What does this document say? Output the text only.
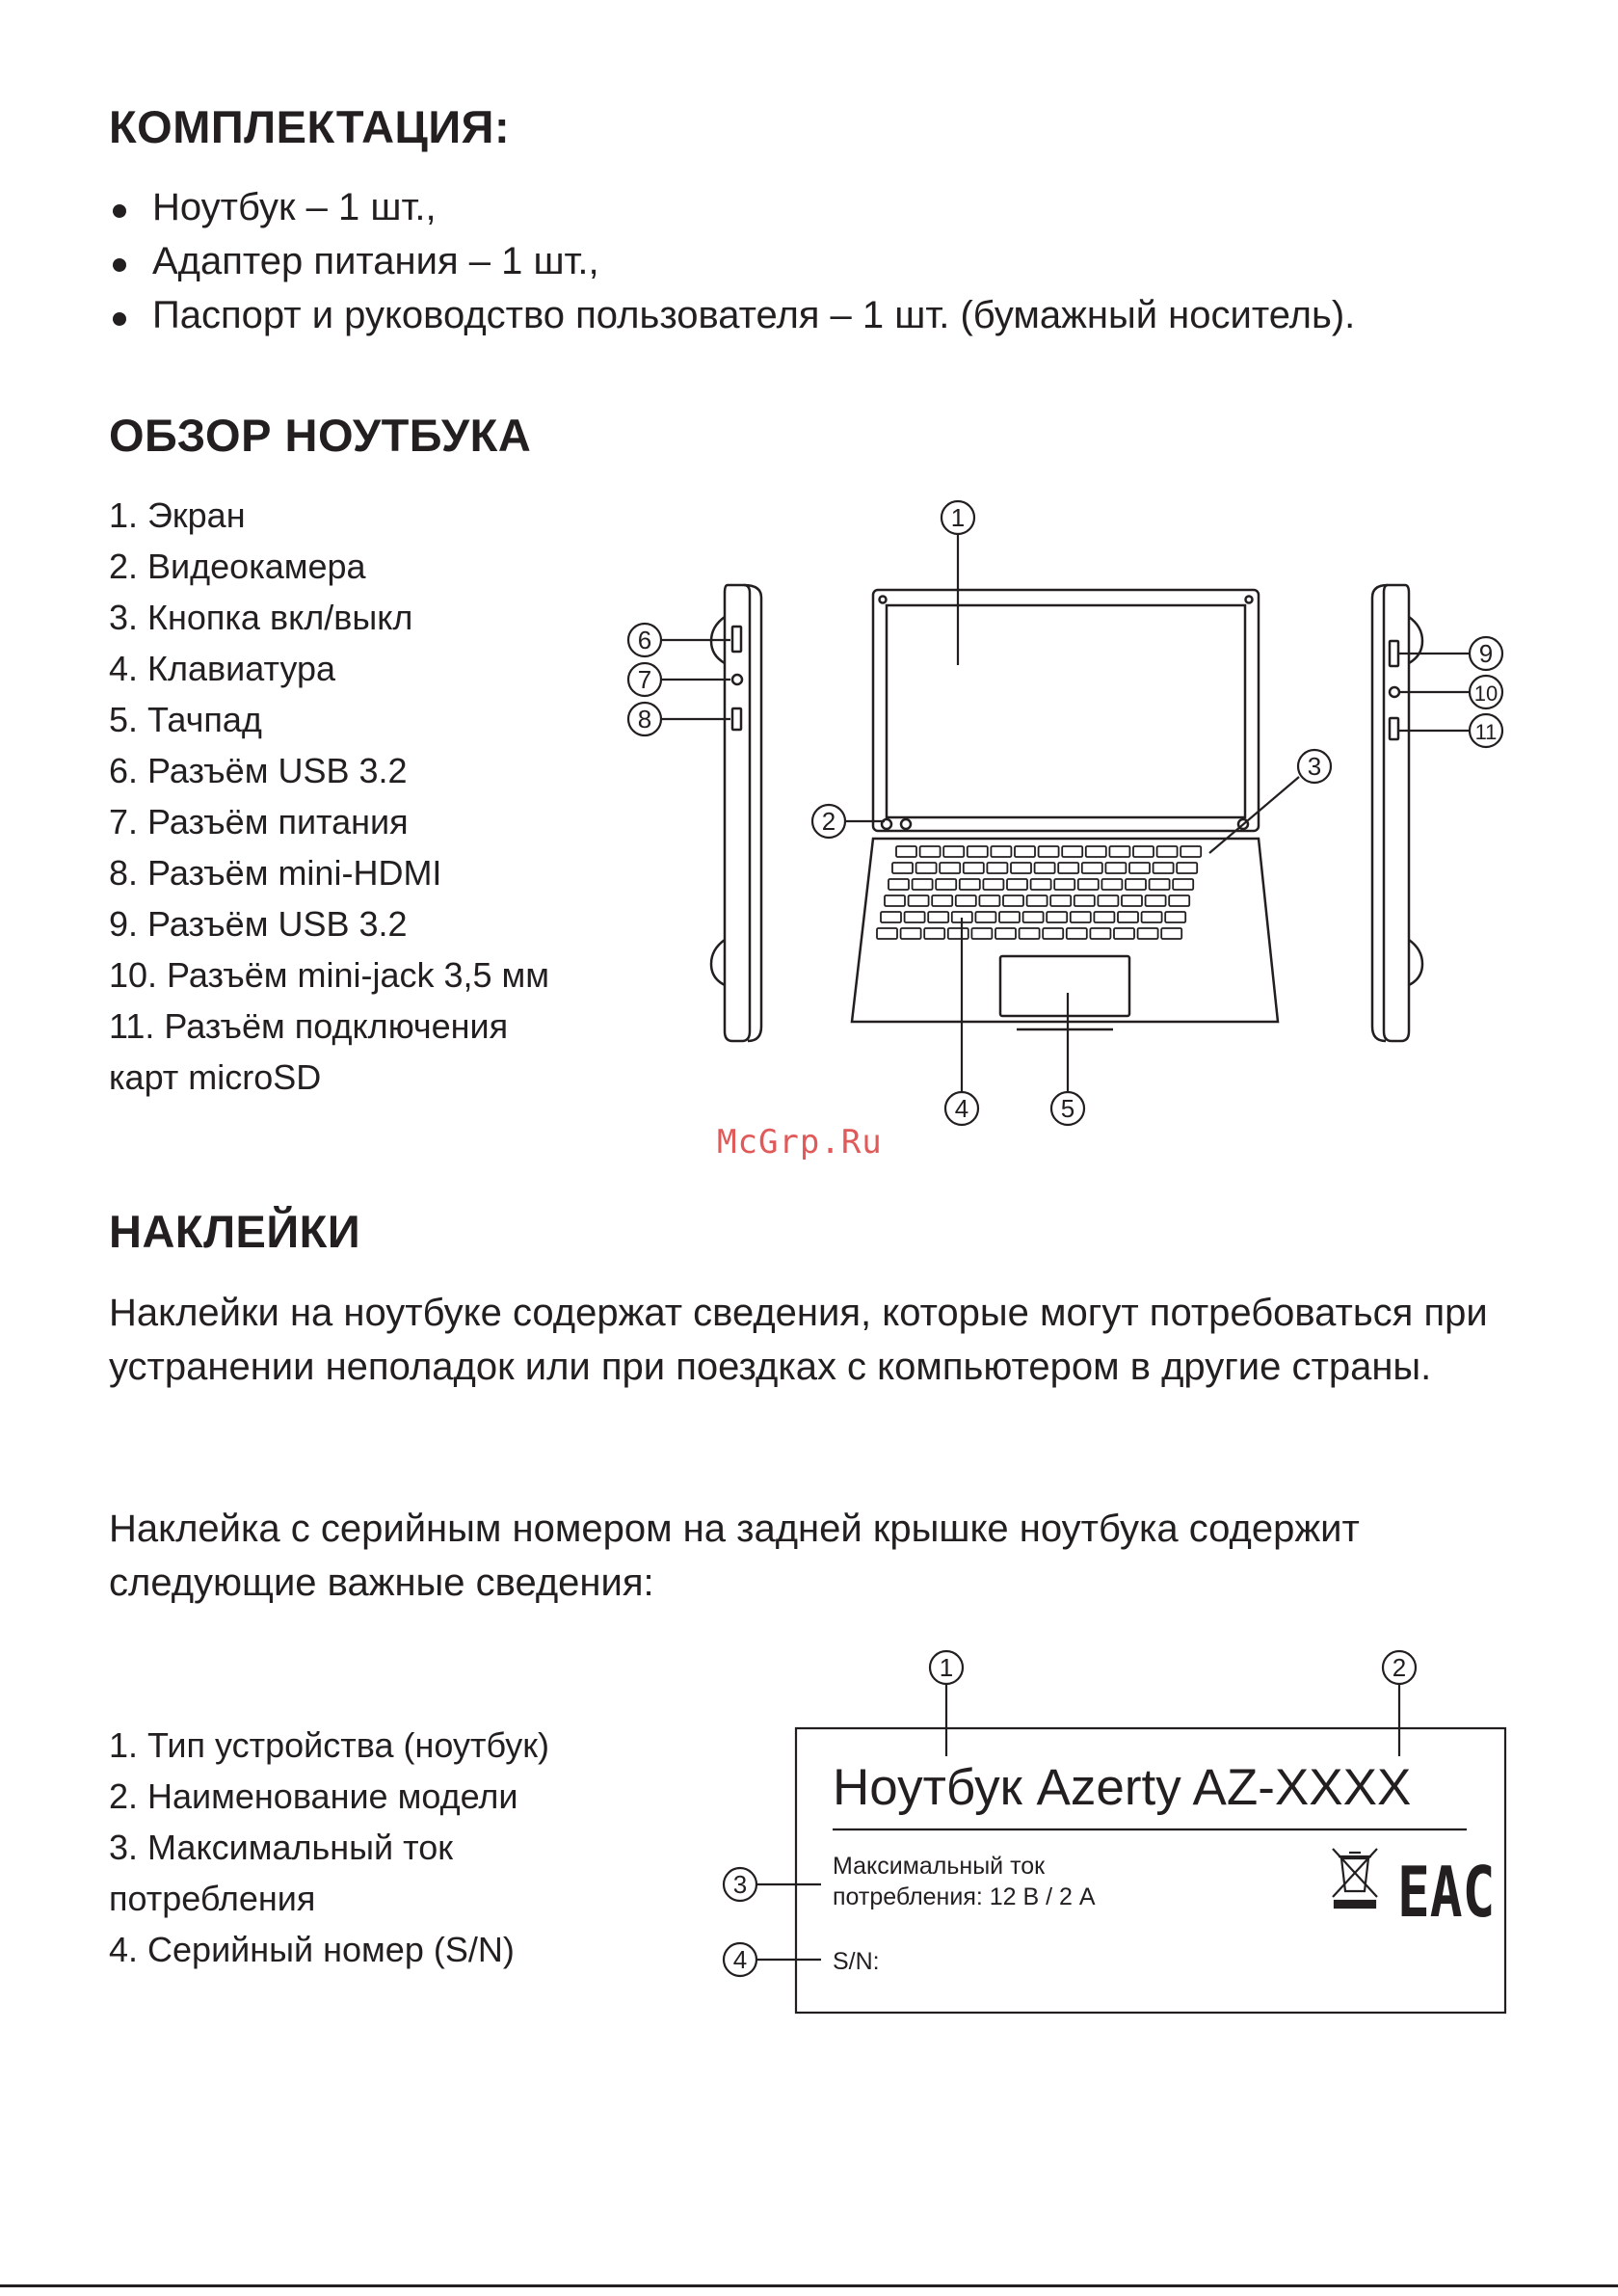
КОМПЛЕКТАЦИЯ:
Ноутбук – 1 шт.,
Адаптер питания – 1 шт.,
Паспорт и руководство пользователя – 1 шт. (бумажный носитель).
ОБЗОР НОУТБУКА
1. Экран
2. Видеокамера
3. Кнопка вкл/выкл
4. Клавиатура
5. Тачпад
6. Разъём USB 3.2
7. Разъём питания
8. Разъём mini-HDMI
9. Разъём USB 3.2
10. Разъём mini-jack 3,5 мм
11. Разъём подключения
карт microSD
1
2
3
4	5
6
7
8
9
10
11
McGrp.Ru
НАКЛЕЙКИ

Наклейки на ноутбуке содержат сведения, которые могут потребоваться при устранении неполадок или при поездках с компьютером в другие страны.

Наклейка с серийным номером на задней крышке ноутбука содержит следующие важные сведения:

1. Тип устройства (ноутбук)
2. Наименование модели
3. Максимальный ток
потребления
4. Серийный номер (S/N)
1	2
3
4
Ноутбук Azerty AZ-XXXX
Максимальный ток
потребления: 12 В / 2 А
S/N:
EAC
